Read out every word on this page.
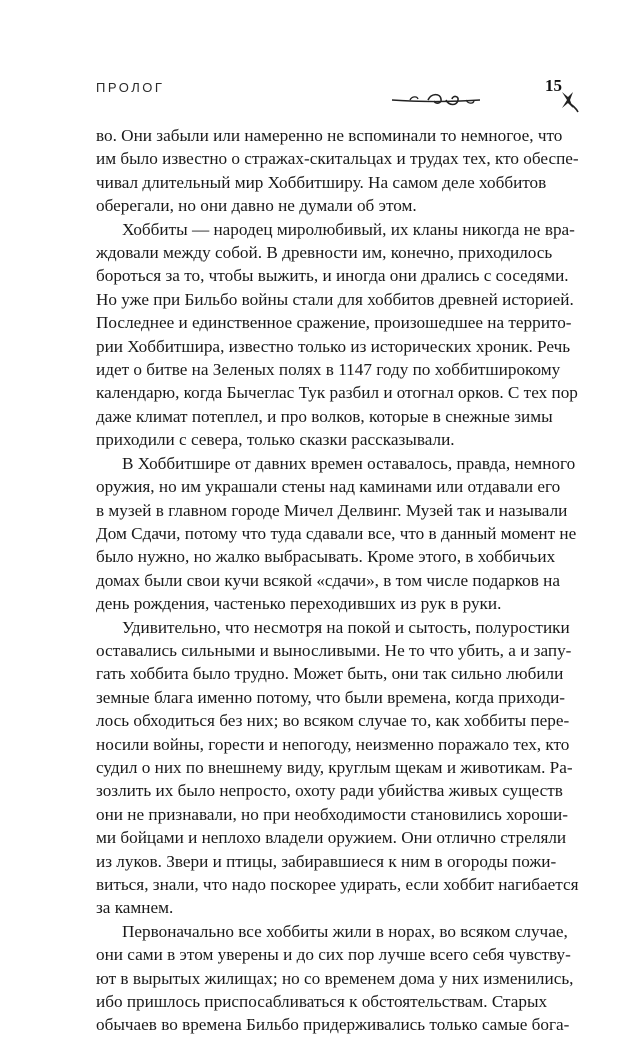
ПРОЛОГ	15

во. Они забыли или намеренно не вспоминали то немногое, что
им было известно о стражах-скитальцах и трудах тех, кто обеспе-
чивал длительный мир Хоббитширу. На самом деле хоббитов
оберегали, но они давно не думали об этом.

Хоббиты — народец миролюбивый, их кланы никогда не вра-
ждовали между собой. В древности им, конечно, приходилось
бороться за то, чтобы выжить, и иногда они дрались с соседями.
Но уже при Бильбо войны стали для хоббитов древней историей.
Последнее и единственное сражение, произошедшее на террито-
рии Хоббитшира, известно только из исторических хроник. Речь
идет о битве на Зеленых полях в 1147 году по хоббитширокому
календарю, когда Бычеглас Тук разбил и отогнал орков. С тех пор
даже климат потеплел, и про волков, которые в снежные зимы
приходили с севера, только сказки рассказывали.

В Хоббитшире от давних времен оставалось, правда, немного
оружия, но им украшали стены над каминами или отдавали его
в музей в главном городе Мичел Делвинг. Музей так и называли
Дом Сдачи, потому что туда сдавали все, что в данный момент не
было нужно, но жалко выбрасывать. Кроме этого, в хоббичьих
домах были свои кучи всякой «сдачи», в том числе подарков на
день рождения, частенько переходивших из рук в руки.

Удивительно, что несмотря на покой и сытость, полуростики
оставались сильными и выносливыми. Не то что убить, а и запу-
гать хоббита было трудно. Может быть, они так сильно любили
земные блага именно потому, что были времена, когда приходи-
лось обходиться без них; во всяком случае то, как хоббиты пере-
носили войны, горести и непогоду, неизменно поражало тех, кто
судил о них по внешнему виду, круглым щекам и животикам. Ра-
зозлить их было непросто, охоту ради убийства живых существ
они не признавали, но при необходимости становились хороши-
ми бойцами и неплохо владели оружием. Они отлично стреляли
из луков. Звери и птицы, забиравшиеся к ним в огороды пожи-
виться, знали, что надо поскорее удирать, если хоббит нагибается
за камнем.

Первоначально все хоббиты жили в норах, во всяком случае,
они сами в этом уверены и до сих пор лучше всего себя чувству-
ют в вырытых жилищах; но со временем дома у них изменились,
ибо пришлось приспосабливаться к обстоятельствам. Старых
обычаев во времена Бильбо придерживались только самые бога-
